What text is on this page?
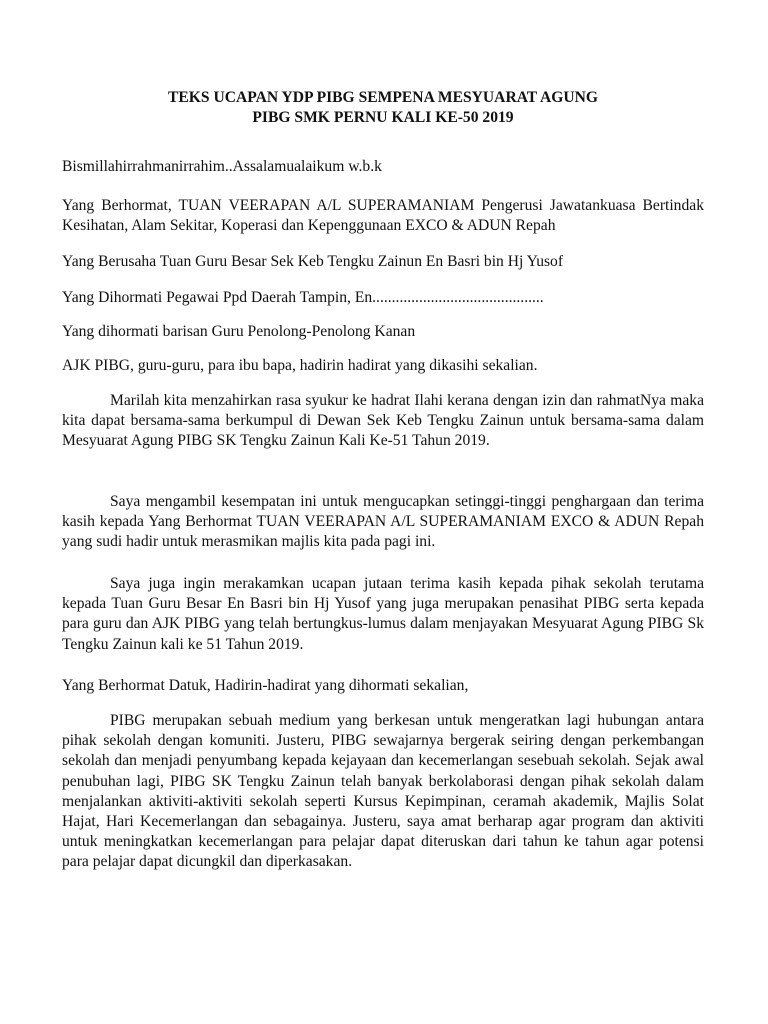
TEKS UCAPAN YDP PIBG SEMPENA MESYUARAT AGUNG
PIBG SMK PERNU KALI KE-50 2019
Bismillahirrahmanirrahim..Assalamualaikum w.b.k
Yang Berhormat, TUAN VEERAPAN A/L SUPERAMANIAM Pengerusi Jawatankuasa Bertindak Kesihatan, Alam Sekitar, Koperasi dan Kepenggunaan EXCO & ADUN Repah
Yang Berusaha Tuan Guru Besar Sek Keb Tengku Zainun En Basri bin Hj Yusof
Yang Dihormati Pegawai Ppd Daerah Tampin, En............................................
Yang dihormati barisan Guru Penolong-Penolong Kanan
AJK PIBG, guru-guru, para ibu bapa, hadirin hadirat yang dikasihi sekalian.
Marilah kita menzahirkan rasa syukur ke hadrat Ilahi kerana dengan izin dan rahmatNya maka kita dapat bersama-sama berkumpul di Dewan Sek Keb Tengku Zainun untuk bersama-sama dalam Mesyuarat Agung PIBG SK Tengku Zainun Kali Ke-51 Tahun 2019.
Saya mengambil kesempatan ini untuk mengucapkan setinggi-tinggi penghargaan dan terima kasih kepada Yang Berhormat TUAN VEERAPAN A/L SUPERAMANIAM EXCO & ADUN Repah yang sudi hadir untuk merasmikan majlis kita pada pagi ini.
Saya juga ingin merakamkan ucapan jutaan terima kasih kepada pihak sekolah terutama kepada Tuan Guru Besar En Basri bin Hj Yusof yang juga merupakan penasihat PIBG serta kepada para guru dan AJK PIBG yang telah bertungkus-lumus dalam menjayakan Mesyuarat Agung PIBG Sk Tengku Zainun kali ke 51 Tahun 2019.
Yang Berhormat Datuk, Hadirin-hadirat yang dihormati sekalian,
PIBG merupakan sebuah medium yang berkesan untuk mengeratkan lagi hubungan antara pihak sekolah dengan komuniti. Justeru, PIBG sewajarnya bergerak seiring dengan perkembangan sekolah dan menjadi penyumbang kepada kejayaan dan kecemerlangan sesebuah sekolah. Sejak awal penubuhan lagi, PIBG SK Tengku Zainun telah banyak berkolaborasi dengan pihak sekolah dalam menjalankan aktiviti-aktiviti sekolah seperti Kursus Kepimpinan, ceramah akademik, Majlis Solat Hajat, Hari Kecemerlangan dan sebagainya. Justeru, saya amat berharap agar program dan aktiviti untuk meningkatkan kecemerlangan para pelajar dapat diteruskan dari tahun ke tahun agar potensi para pelajar dapat dicungkil dan diperkasakan.
